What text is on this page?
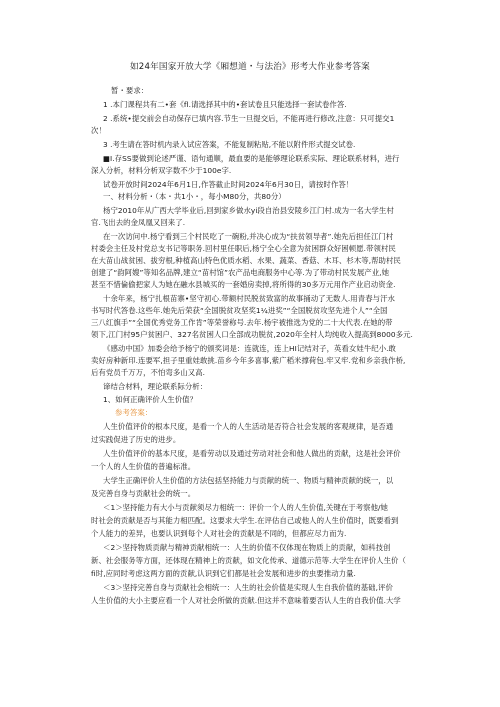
如24年国家开放大学《厢想道・与法治》形考大作业参考答案
暂・要求：
1 .本门课程共有二•套《fl.请选择其中的•套试卷且只能选择一套试卷作答.
2 .系统•提交前会自动保存已填内容.节生一旦提交后，不能再进行修改,注意：只可提交1
次！
3 .考生请在答时机内录入试应答案，不能复制粘贴,不能以附件形式提交试卷.
■I.存SS要做到论述严谨、语句通顺，最血要的是能够理论联系实际、理论联系材料，进行
深入分析，材料分析双字数不少于100e字.
试卷开放时间2024年6月1日,作答截止时间2024年6月30日，请按时作答！
一、材料分析・（本・共1小・，每小M80分，共80分）
杨宁2010年从广西大学毕业后,回到家乡做水yi段自治县安陵乡江门村.成为一名大学生村
官.飞出去的金凤凰又回来了.
在一次访问中.杨宁看到三个村民吃了一碗粉,并决心成为“扶贫领导者”.她先后担任江门村
村委会主任及村党总支书记等职务.回村里任职后,杨宁全心全意为贫困群众好困顿愿.带领村民
在大苗山战贫困、拔穷根,种植高山特色优质水稻、水果、蔬菜、香菇、木耳、杉木等,帮助村民
创建了“韵阿嫂”等知名品牌,建立“苗村馆”农产品电商服务中心等.为了带动村民发展产业,她
甚至不惜倫偷把家人为她在融水县城买的一套婚房卖掉,将所得的30多万元用作产业启动资金.
十余年来，杨宁扎根苗寨•坚守初心.带额村民脱贫致富的故事捅动了无数人.用青春与汗水
书写时代答卷.这些年.她先后荣获“全国脱贫攻坚奖1¼进奖”“全国脱贫攻坚先进个人”“全国
三八红旗手”“全国优秀党务工作肯”等荣誉称号.去年.杨宇被推选为党的二十大代表.在她的带
领下,江门村95户贫困户、327名贫困人口全部成功脱贫,2020年全村人均纯收入提高到8000多元.
《感动中国》加委会给予杨宁的颁奖词是：连就连，连上HI记结对子，英看女娃牛纪小.敢
卖好房种新印.连要军,担子里重娃敢挑.苗乡今年多喜事,紫广稻米撑荷包.牢又牢.党和乡亲我作桥,
后有党员千万万，不怕弯多山又高.
谛结合材料，理论联系际分析：
1、如何正确评价人生价值？
参考答案：
人生价值评价的根本尺度，是看一个人的人生活动是否符合社会发展的客观规律，是否通
过实践促进了历史的进步。
人生价值评价的基本尺度，是看劳动以及通过劳动对社会和他人做出的贡献，这是社会评价
一个人的人生价值的普遍标准。
大学生正确评价人生价值的方法包括坚持能力与贡献的统一、物质与精神贡献的统一，以
及完善自身与贡献社会的统一。
＜1＞坚持能力有大小与贡献须尽力相统一：评价一个人的人生价值,关键在于考察他/她
时社会的贡献是否与其能力相匹配。这要求大学生.在评估自己或他人的人生价值时，既要看到
个人能力的差异，也要认识到每个人对社会的贡献是不同的，但都应尽力而为.
＜2＞坚持物质贡献与精神贡献相统一：人生的价值不仅体现在物质上的贡献，如科技创
新、社会服务等方面，还体现在精神上的贡献，如文化传承、道德示范等.大学生在评价人生价（
fi时,应同时考虑这两方面的贡献,认识到它们都是社会发展和进步的虫要推动力量.
＜3＞坚持完善自身与贡献社会相统一：人生的社会价值是实现人生自我价值的基础,评价
人生价值的大小主要应看一个人对社会所做的贡献.但这并不意味着要否认人生的自我价值.大学
